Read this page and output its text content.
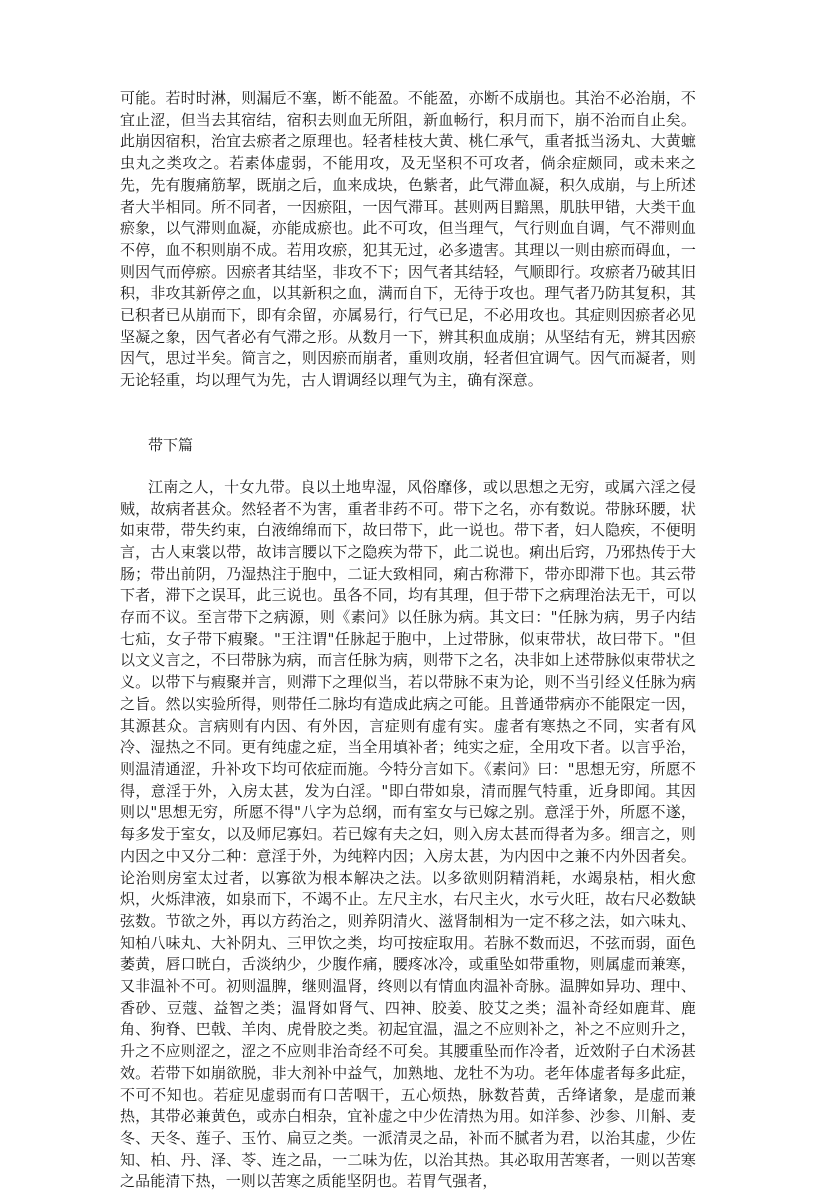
可能。若时时淋，则漏卮不塞，断不能盈。不能盈，亦断不成崩也。其治不必治崩，不宜止涩，但当去其宿结，宿积去则血无所阻，新血畅行，积月而下，崩不治而自止矣。此崩因宿积，治宜去瘀者之原理也。轻者桂枝大黄、桃仁承气，重者抵当汤丸、大黄蟅虫丸之类攻之。若素体虚弱，不能用攻，及无坚积不可攻者，倘余症颇同，或未来之先，先有腹痛筋挈，既崩之后，血来成块，色紫者，此气滞血凝，积久成崩，与上所述者大半相同。所不同者，一因瘀阻，一因气滞耳。甚则两目黯黑，肌肤甲错，大类干血瘀象，以气滞则血凝，亦能成瘀也。此不可攻，但当理气，气行则血自调，气不滞则血不停，血不积则崩不成。若用攻瘀，犯其无过，必多遗害。其理以一则由瘀而碍血，一则因气而停瘀。因瘀者其结坚，非攻不下；因气者其结轻，气顺即行。攻瘀者乃破其旧积，非攻其新停之血，以其新积之血，满而自下，无待于攻也。理气者乃防其复积，其已积者已从崩而下，即有余留，亦属易行，行气已足，不必用攻也。其症则因瘀者必见坚凝之象，因气者必有气滞之形。从数月一下，辨其积血成崩；从坚结有无，辨其因瘀因气，思过半矣。简言之，则因瘀而崩者，重则攻崩，轻者但宜调气。因气而凝者，则无论轻重，均以理气为先，古人谓调经以理气为主，确有深意。

带下篇

江南之人，十女九带。良以土地卑湿，风俗靡侈，或以思想之无穷，或属六淫之侵贼，故病者甚众。然轻者不为害，重者非药不可。带下之名，亦有数说。带脉环腰，状如束带，带失约束，白液绵绵而下，故曰带下，此一说也。带下者，妇人隐疾，不便明言，古人束裳以带，故讳言腰以下之隐疾为带下，此二说也。痢出后窍，乃邪热传于大肠；带出前阴，乃湿热注于胞中，二证大致相同，痢古称滞下，带亦即滞下也。其云带下者，滞下之误耳，此三说也。虽各不同，均有其理，但于带下之病理治法无干，可以存而不议。至言带下之病源，则《素问》以任脉为病。其文曰："任脉为病，男子内结七疝，女子带下瘕聚。"王注谓"任脉起于胞中，上过带脉，似束带状，故曰带下。"但以文义言之，不曰带脉为病，而言任脉为病，则带下之名，决非如上述带脉似束带状之义。以带下与瘕聚并言，则滞下之理似当，若以带脉不束为论，则不当引经义任脉为病之旨。然以实验所得，则带任二脉均有造成此病之可能。且普通带病亦不能限定一因，其源甚众。言病则有内因、有外因，言症则有虚有实。虚者有寒热之不同，实者有风冷、湿热之不同。更有纯虚之症，当全用填补者；纯实之症，全用攻下者。以言乎治，则温清通涩，升补攻下均可依症而施。今特分言如下。《素问》曰："思想无穷，所愿不得，意淫于外，入房太甚，发为白淫。"即白带如泉，清而腥气特重，近身即闻。其因则以"思想无穷，所愿不得"八字为总纲，而有室女与已嫁之别。意淫于外，所愿不遂，每多发于室女，以及师尼寡妇。若已嫁有夫之妇，则入房太甚而得者为多。细言之，则内因之中又分二种：意淫于外，为纯粹内因；入房太甚，为内因中之兼不内外因者矣。论治则房室太过者，以寡欲为根本解决之法。以多欲则阴精消耗，水竭泉枯，相火愈炽，火烁津液，如泉而下，不竭不止。左尺主水，右尺主火，水亏火旺，故右尺必数缺弦数。节欲之外，再以方药治之，则养阴清火、滋肾制相为一定不移之法，如六味丸、知柏八味丸、大补阴丸、三甲饮之类，均可按症取用。若脉不数而迟，不弦而弱，面色萎黄，唇口晄白，舌淡纳少，少腹作痛，腰疼冰冷，或重坠如带重物，则属虚而兼寒，又非温补不可。初则温脾，继则温肾，终则以有情血肉温补奇脉。温脾如异功、理中、香砂、豆蔻、益智之类；温肾如肾气、四神、胶姜、胶艾之类；温补奇经如鹿茸、鹿角、狗脊、巴戟、羊肉、虎骨胶之类。初起宜温，温之不应则补之，补之不应则升之，升之不应则涩之，涩之不应则非治奇经不可矣。其腰重坠而作冷者，近效附子白术汤甚效。若带下如崩欲脱，非大剂补中益气，加熟地、龙牡不为功。老年体虚者每多此症，不可不知也。若症见虚弱而有口苦咽干，五心烦热，脉数苔黄，舌绛诸象，是虚而兼热，其带必兼黄色，或赤白相杂，宜补虚之中少佐清热为用。如洋参、沙参、川斛、麦冬、天冬、莲子、玉竹、扁豆之类。一派清灵之品，补而不腻者为君，以治其虚，少佐知、柏、丹、泽、苓、连之品，一二味为佐，以治其热。其必取用苦寒者，一则以苦寒之品能清下热，一则以苦寒之质能坚阴也。若胃气强者，
